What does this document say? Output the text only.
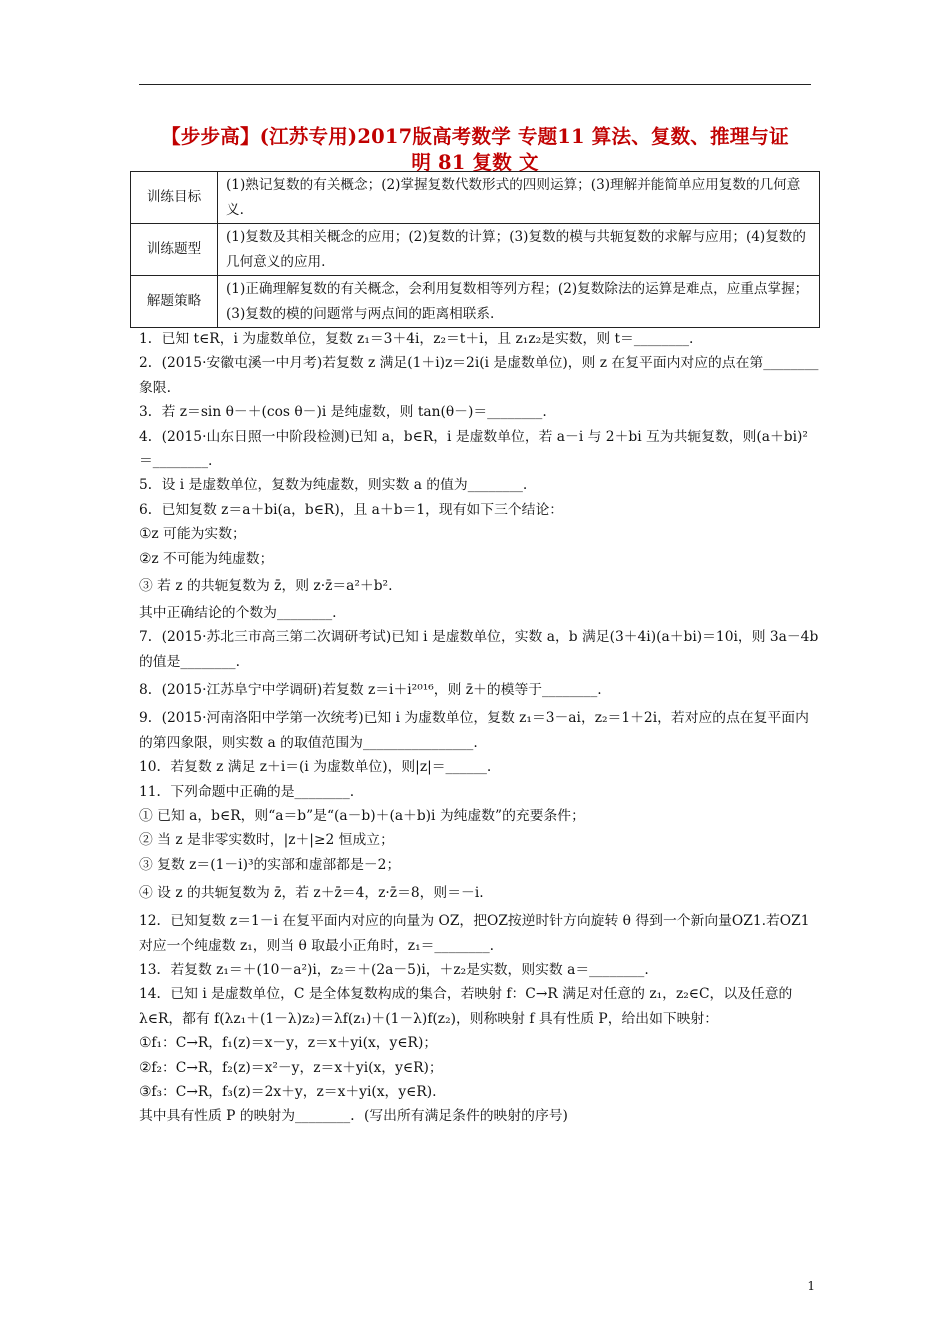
【步步高】(江苏专用)2017版高考数学 专题11 算法、复数、推理与证
明 81 复数 文
训练目标	(1)熟记复数的有关概念；(2)掌握复数代数形式的四则运算；(3)理解并能简单应用复数的几何意义.
训练题型	(1)复数及其相关概念的应用；(2)复数的计算；(3)复数的模与共轭复数的求解与应用；(4)复数的几何意义的应用.
解题策略	(1)正确理解复数的有关概念，会利用复数相等列方程；(2)复数除法的运算是难点，应重点掌握；(3)复数的模的问题常与两点间的距离相联系.

1．已知 t∈R，i 为虚数单位，复数 z₁＝3＋4i，z₂＝t＋i，且 z₁z₂是实数，则 t＝________.

2．(2015·安徽屯溪一中月考)若复数 z 满足(1＋i)z＝2i(i 是虚数单位)，则 z 在复平面内对应的点在第________象限.

3．若 z＝sin θ－＋(cos θ－)i 是纯虚数，则 tan(θ－)＝________.

4．(2015·山东日照一中阶段检测)已知 a，b∈R，i 是虚数单位，若 a－i 与 2＋bi 互为共轭复数，则(a＋bi)²＝________.

5．设 i 是虚数单位，复数为纯虚数，则实数 a 的值为________.

6．已知复数 z＝a＋bi(a，b∈R)，且 a＋b＝1，现有如下三个结论：

①z 可能为实数；

②z 不可能为纯虚数；

③ 若 z 的共轭复数为 z̄，则 z·z̄＝a²＋b².

其中正确结论的个数为________.

7．(2015·苏北三市高三第二次调研考试)已知 i 是虚数单位，实数 a，b 满足(3＋4i)(a＋bi)＝10i，则 3a－4b 的值是________.

8．(2015·江苏阜宁中学调研)若复数 z＝i＋i²⁰¹⁶，则 z̄＋的模等于________.

9．(2015·河南洛阳中学第一次统考)已知 i 为虚数单位，复数 z₁＝3－ai，z₂＝1＋2i，若对应的点在复平面内的第四象限，则实数 a 的取值范围为________________.

10．若复数 z 满足 z＋i＝(i 为虚数单位)，则|z|＝______.

11．下列命题中正确的是________.

① 已知 a，b∈R，则“a＝b”是“(a－b)＋(a＋b)i 为纯虚数”的充要条件；

② 当 z 是非零实数时，|z＋|≥2 恒成立；

③ 复数 z＝(1－i)³的实部和虚部都是－2；

④ 设 z 的共轭复数为 z̄，若 z＋z̄＝4，z·z̄＝8，则＝－i.

12．已知复数 z＝1－i 在复平面内对应的向量为 OZ，把OZ按逆时针方向旋转 θ 得到一个新向量OZ1.若OZ1对应一个纯虚数 z₁，则当 θ 取最小正角时，z₁＝________.

13．若复数 z₁＝＋(10－a²)i，z₂＝＋(2a－5)i，＋z₂是实数，则实数 a＝________.

14．已知 i 是虚数单位，C 是全体复数构成的集合，若映射 f：C→R 满足对任意的 z₁，z₂∈C，以及任意的 λ∈R，都有 f(λz₁＋(1－λ)z₂)＝λf(z₁)＋(1－λ)f(z₂)，则称映射 f 具有性质 P，给出如下映射：

①f₁：C→R，f₁(z)＝x－y，z＝x＋yi(x，y∈R)；

②f₂：C→R，f₂(z)＝x²－y，z＝x＋yi(x，y∈R)；

③f₃：C→R，f₃(z)＝2x＋y，z＝x＋yi(x，y∈R).

其中具有性质 P 的映射为________．(写出所有满足条件的映射的序号)

1
